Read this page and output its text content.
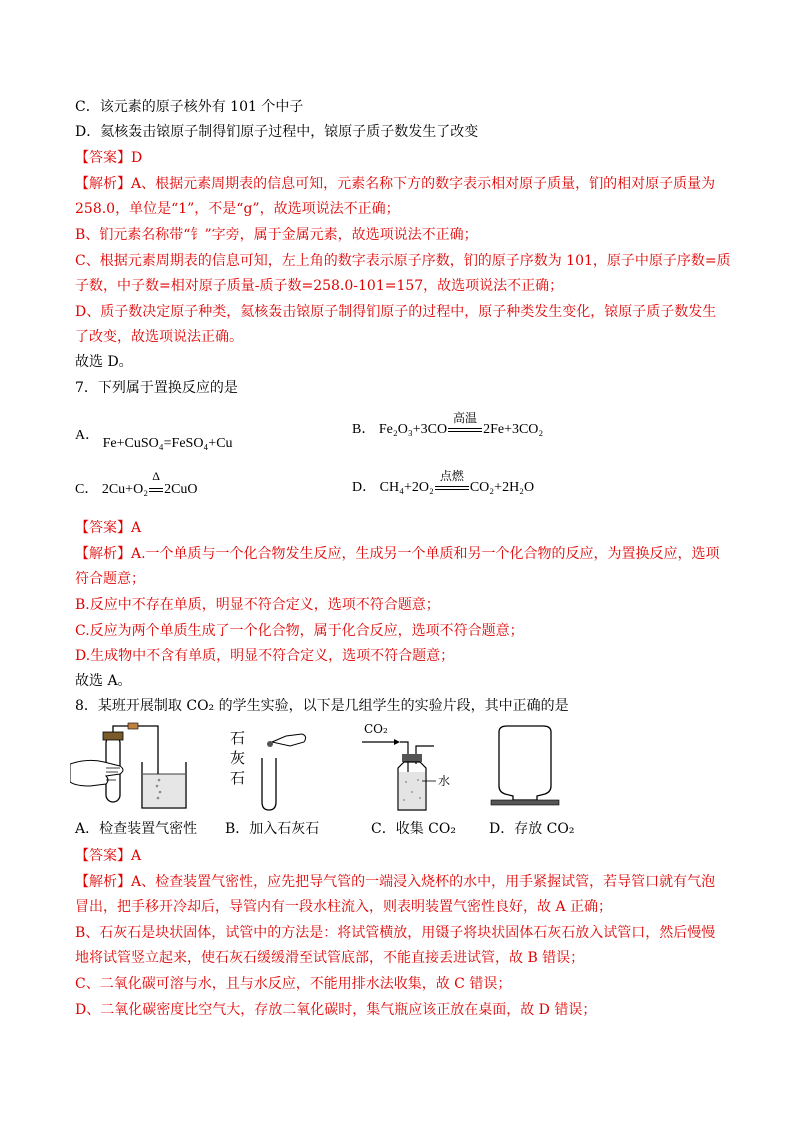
C．该元素的原子核外有 101 个中子
D．氦核轰击锿原子制得钔原子过程中，锿原子质子数发生了改变
【答案】D
【解析】A、根据元素周期表的信息可知，元素名称下方的数字表示相对原子质量，钔的相对原子质量为
258.0，单位是“1”，不是“g”，故选项说法不正确；
B、钔元素名称带“钅”字旁，属于金属元素，故选项说法不正确；
C、根据元素周期表的信息可知，左上角的数字表示原子序数，钔的原子序数为 101，原子中原子序数=质
子数，中子数=相对原子质量-质子数=258.0-101=157，故选项说法不正确；
D、质子数决定原子种类，氦核轰击锿原子制得钔原子的过程中，原子种类发生变化，锿原子质子数发生
了改变，故选项说法正确。
故选 D。
7．下列属于置换反应的是
A． Fe+CuSO₄=FeSO₄+Cu
B． Fe₂O₃+3CO
高温
2Fe+3CO₂
C． 2Cu+O₂
Δ
2CuO	D． CH₄+2O₂
点燃
CO₂+2H₂O
【答案】A
【解析】A.一个单质与一个化合物发生反应，生成另一个单质和另一个化合物的反应，为置换反应，选项
符合题意；
B.反应中不存在单质，明显不符合定义，选项不符合题意；
C.反应为两个单质生成了一个化合物，属于化合反应，选项不符合题意；
D.生成物中不含有单质，明显不符合定义，选项不符合题意；
故选 A。
8．某班开展制取 CO₂ 的学生实验，以下是几组学生的实验片段，其中正确的是
石
灰
石
CO₂
水
A．检查装置气密性 B．加入石灰石	C．收集 CO₂ D．存放 CO₂
【答案】A
【解析】A、检查装置气密性，应先把导气管的一端浸入烧杯的水中，用手紧握试管，若导管口就有气泡
冒出，把手移开冷却后，导管内有一段水柱流入，则表明装置气密性良好，故 A 正确；
B、石灰石是块状固体，试管中的方法是：将试管横放，用镊子将块状固体石灰石放入试管口，然后慢慢
地将试管竖立起来，使石灰石缓缓滑至试管底部，不能直接丢进试管，故 B 错误；
C、二氧化碳可溶与水，且与水反应，不能用排水法收集，故 C 错误；
D、二氧化碳密度比空气大，存放二氧化碳时，集气瓶应该正放在桌面，故 D 错误；
